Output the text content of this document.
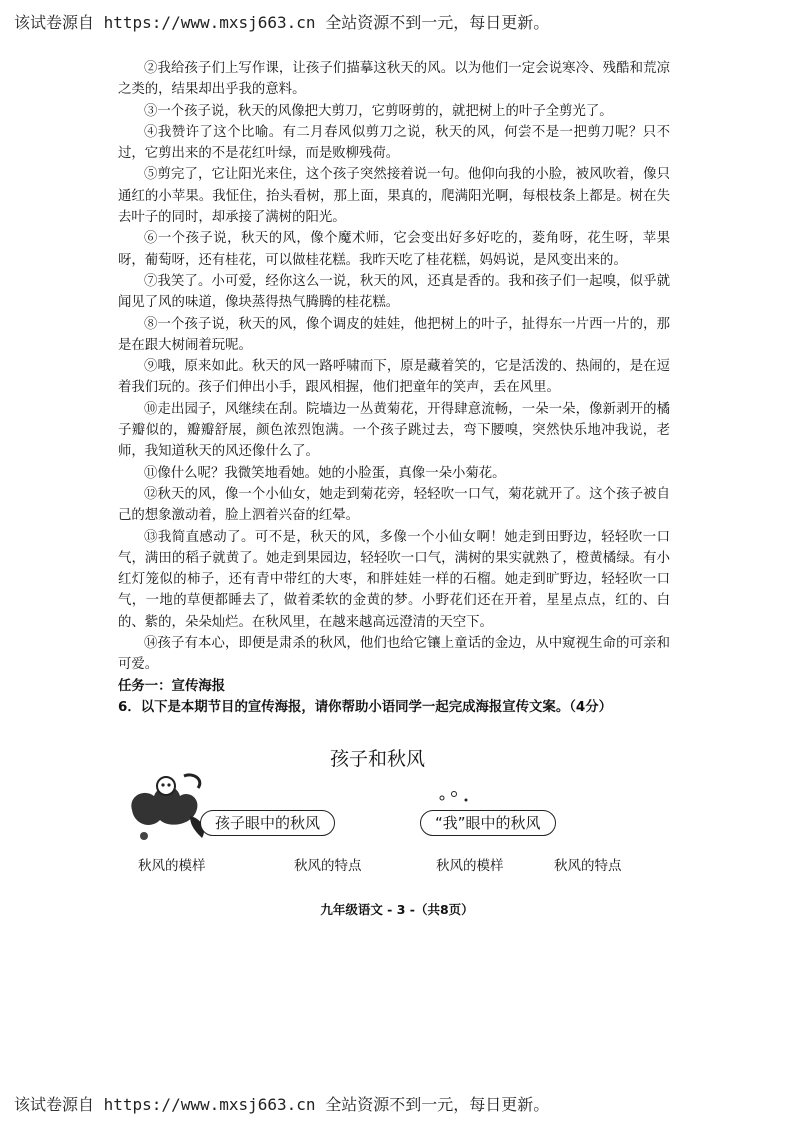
该试卷源自 https://www.mxsj663.cn 全站资源不到一元，每日更新。

②我给孩子们上写作课，让孩子们描摹这秋天的风。以为他们一定会说寒冷、残酷和荒凉之类的，结果却出乎我的意料。

③一个孩子说，秋天的风像把大剪刀，它剪呀剪的，就把树上的叶子全剪光了。

④我赞许了这个比喻。有二月春风似剪刀之说，秋天的风，何尝不是一把剪刀呢？只不过，它剪出来的不是花红叶绿，而是败柳残荷。

⑤剪完了，它让阳光来住，这个孩子突然接着说一句。他仰向我的小脸，被风吹着，像只通红的小苹果。我怔住，抬头看树，那上面，果真的，爬满阳光啊，每根枝条上都是。树在失去叶子的同时，却承接了满树的阳光。

⑥一个孩子说，秋天的风，像个魔术师，它会变出好多好吃的，菱角呀，花生呀，苹果呀，葡萄呀，还有桂花，可以做桂花糕。我昨天吃了桂花糕，妈妈说，是风变出来的。

⑦我笑了。小可爱，经你这么一说，秋天的风，还真是香的。我和孩子们一起嗅，似乎就闻见了风的味道，像块蒸得热气腾腾的桂花糕。

⑧一个孩子说，秋天的风，像个调皮的娃娃，他把树上的叶子，扯得东一片西一片的，那是在跟大树闹着玩呢。

⑨哦，原来如此。秋天的风一路呼啸而下，原是藏着笑的，它是活泼的、热闹的，是在逗着我们玩的。孩子们伸出小手，跟风相握，他们把童年的笑声，丢在风里。

⑩走出园子，风继续在刮。院墙边一丛黄菊花，开得肆意流畅，一朵一朵，像新剥开的橘子瓣似的，瓣瓣舒展，颜色浓烈饱满。一个孩子跳过去，弯下腰嗅，突然快乐地冲我说，老师，我知道秋天的风还像什么了。

⑪像什么呢？我微笑地看她。她的小脸蛋，真像一朵小菊花。

⑫秋天的风，像一个小仙女，她走到菊花旁，轻轻吹一口气，菊花就开了。这个孩子被自己的想象激动着，脸上泗着兴奋的红晕。

⑬我简直感动了。可不是，秋天的风，多像一个小仙女啊！她走到田野边，轻轻吹一口气，满田的稻子就黄了。她走到果园边，轻轻吹一口气，满树的果实就熟了，橙黄橘绿。有小红灯笼似的柿子，还有青中带红的大枣，和胖娃娃一样的石榴。她走到旷野边，轻轻吹一口气，一地的草便都睡去了，做着柔软的金黄的梦。小野花们还在开着，星星点点，红的、白的、紫的，朵朵灿烂。在秋风里，在越来越高远澄清的天空下。

⑭孩子有本心，即便是肃杀的秋风，他们也给它镶上童话的金边，从中窥视生命的可亲和可爱。

任务一：宣传海报

6．以下是本期节目的宣传海报，请你帮助小语同学一起完成海报宣传文案。（4分）

孩子和秋风
孩子眼中的秋风	“我”眼中的秋风
秋风的模样	秋风的特点	秋风的模样	秋风的特点
九年级语文 - 3 -（共8页）
该试卷源自 https://www.mxsj663.cn 全站资源不到一元，每日更新。
